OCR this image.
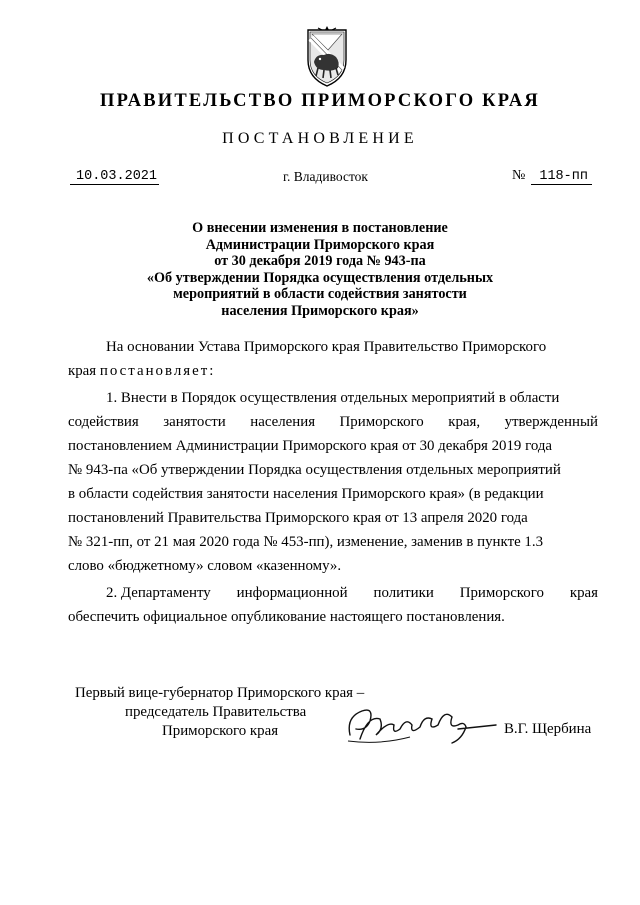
ПРАВИТЕЛЬСТВО ПРИМОРСКОГО КРАЯ
ПОСТАНОВЛЕНИЕ
10.03.2021	г. Владивосток	№ 118-пп
О внесении изменения в постановление
Администрации Приморского края
от 30 декабря 2019 года № 943-па
«Об утверждении Порядка осуществления отдельных
мероприятий в области содействия занятости
населения Приморского края»
На основании Устава Приморского края Правительство Приморского
края постановляет:
1. Внести в Порядок осуществления отдельных мероприятий в области
содействия занятости населения Приморского края, утвержденный
постановлением Администрации Приморского края от 30 декабря 2019 года
№ 943-па «Об утверждении Порядка осуществления отдельных мероприятий
в области содействия занятости населения Приморского края» (в редакции
постановлений Правительства Приморского края от 13 апреля 2020 года
№ 321-пп, от 21 мая 2020 года № 453-пп), изменение, заменив в пункте 1.3
слово «бюджетному» словом «казенному».
2. Департаменту информационной политики Приморского края
обеспечить официальное опубликование настоящего постановления.
Первый вице-губернатор Приморского края –
председатель Правительства
Приморского края	В.Г. Щербина
